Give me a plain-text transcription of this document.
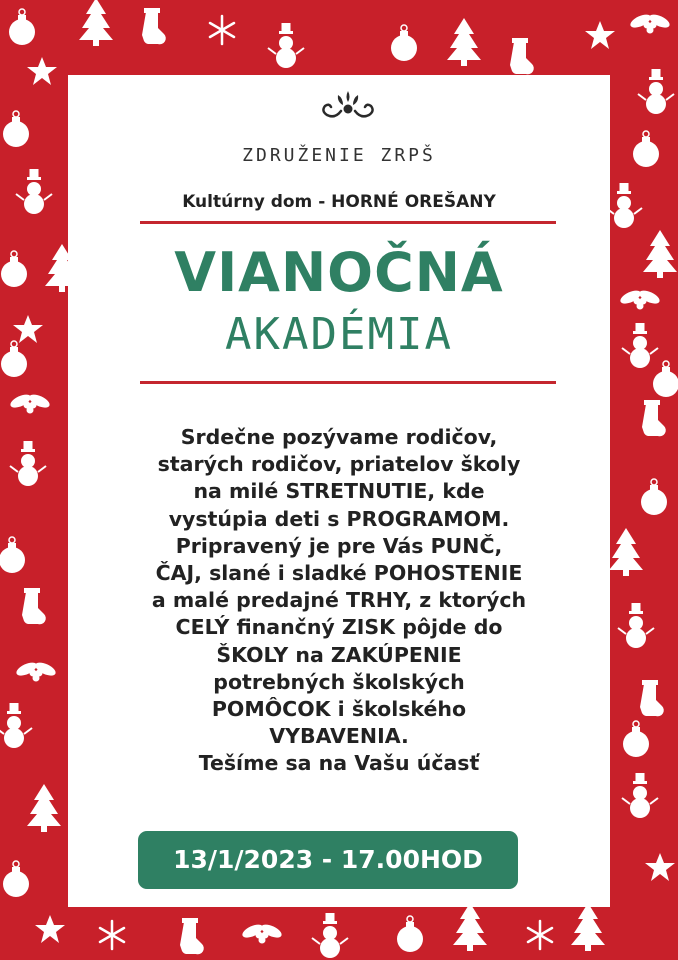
ZDRUŽENIE ZRPŠ
Kultúrny dom - HORNÉ OREŠANY
VIANOČNÁ
AKADÉMIA
Srdečne pozývame rodičov,
starých rodičov, priatelov školy
na milé STRETNUTIE, kde
vystúpia deti s PROGRAMOM.
Pripravený je pre Vás PUNČ,
ČAJ, slané i sladké POHOSTENIE
a malé predajné TRHY, z ktorých
CELÝ finančný ZISK pôjde do
ŠKOLY na ZAKÚPENIE
potrebných školských
POMÔCOK i školského
VYBAVENIA.
Tešíme sa na Vašu účasť
13/1/2023 - 17.00HOD
